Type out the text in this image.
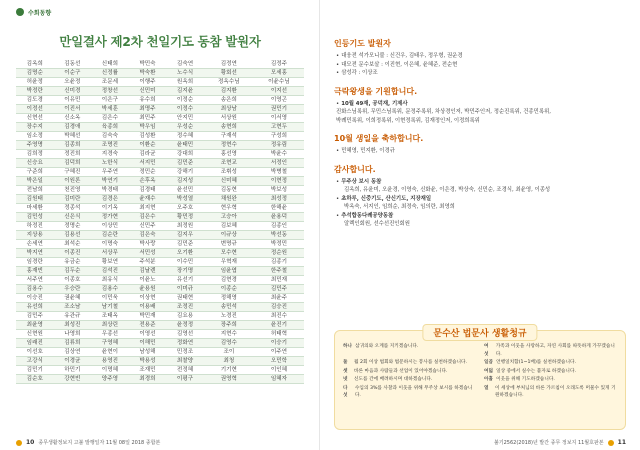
수회동향
만일결사 제2차 천일기도 동참 발원자
김옥희	김동선	신태희	박민숙	김숙연	김정연	김정주
김명순	이순구	신정률	박숙환	노수식	황회선	모세홍
허윤정	오윤정	조문세	이행주	원옥희	정옥수님	이윤수님
박정란	신미경	정창선	신민미	김지윤	김지환	이지선
김도경	이유민	이은구	유수희	이정순	송은희	이영곤
이정선	이진서	박세훈	최명주	이정수	최상남	권민기
신현선	신소옥	김은수	최민주	안지민	서상원	이서영
장수지	김경애	육종희	박우임	우성순	송현희	고현두
임소정	박혜선	김숙숙	김성환	정수혜	구재석	구성희
주영명	김종희	조명진	이환순	윤태민	정현수	정유림
김희정	정진희	지경숙	김라균	강대희	홍선영	박윤수
신승요	김덕희	노한식	서지민	김민준	조현교	서정인
구준희	구혜진	우주연	정민순	강해기	조휘성	박병철
박은일	이원론	박연기	손후옥	김지성	신미혜	이현정
전남희	천진영	박경태	김경태	윤선민	김동현	박보성
김원태	김미란	김경은	윤재수	박성열	채원완	최성정
마세환	정종석	이기옥	최지현	오주호	현우혁	한해윤
김민성	신은식	정가현	김은수	황민정	고승아	윤용덕
하정진	정명순	이상민	신민주	최정원	김보혜	김종인
지상용	김용선	김순란	김은숙	김지우	이규상	박선동
손세연	최석순	이명숙	박사랑	김민준	변명규	박정민
박지연	이종진	서상무	서민성	오기환	모수현	정순원
임경란	유금순	황보연	주석분	이수민	우혁재	김종기
홍재빈	김두순	김석진	김날렌	장기명	임윤엽	한주철
서주연	이종호	최유식	이윤노	유선기	김현경	최민재
김용수	우승란	김용수	윤용원	이미규	이종순	김민주
이승진	권윤혜	이민욱	이상현	권태현	정해영	최윤주
유선희	조소남	남기철	이용배	조정진	송민석	김승진
김민주	유관규	조태옥	박민재	김요용	노경진	최진수
최윤영	최성진	최상린	전용준	윤정정	장주희	윤진기
신현원	나영희	우종선	이영선	김영선	지현수	허태혁
임래진	김류희	구영혜	이해민	정화연	김영수	이승기
이선호	김상연	윤현이	남성해	민정조	조이	이주연
고강식	이경균	용영진	박용성	최찰양	최청	오민학
김민기	하민기	이명혜	조재민	전정혜	기기현	이인혜
김순호	강현빈	양주영	최경희	이평구	권영혁	임혜자
10 종무생활정보지 고불 발행일자 11월 08일 2018 종합본
인등기도 발원자
• 대웅전 석가모니불 : 신건우, 김태우, 정우형, 권운경
• 대모전 문수보살 : 이진현, 이은혜, 윤혜준, 전순현
• 삼성각 : 이상조
극락왕생을 기원합니다.
• 10월 49재, 공덕재, 기제사
진화스님록위, 무민스님록위, 문정주록위, 차상경인저, 박민주인저, 정순진록위, 건종민록위,
박례민록위, 이희정록위, 이현정록위, 김재정인저, 이정희록위
10월 생일을 축하합니다.
• 민혜영, 민지환, 이경규
감사합니다.
• 무주상 보시 동참
김옥희, 유윤미, 오윤경, 이영숙, 신화윤, 이은경, 박상숙, 신민순, 조경식, 최윤영, 이종성
• 초하루, 신중기도, 산신기도, 지장재일
박옥숙, 서지인, 임희순, 최정숙, 임의란, 최영희
• 추석합동다례공양동참
알렉인회원, 선수선진인회원
문수산 법문사 생활청규
하나 삼귀의와 오계를 지키겠습니다.	여섯
가족과 이웃을 사랑하고, 자연 사회를 따뜻하게 가꾸겠습니다.
둘	월 2회 이상 법회와 법문하시는 봉사를 실천하겠습니다.	일곱 언행일치함(1~1배)를 실천하겠습니다.
셋	바른 마음과 사람들과 선업이 있어야겠습니다.	여덟 일상 중에서 실수는 불자로 하겠습니다.
넷	신도를 간에 배려하시며 대하겠습니다.	아홉 이웃을 위해 기도하겠습니다.
다섯
수입의 3%를 사찰과 이웃을 위해 무주상 보시를 하겠습니다.
열	이 세상에 부처님의 바른 가르침이 오래도록 머물수 있게 기원하겠습니다.
불기2562(2018)년 발간 종무 정보지 11월호판본 11
